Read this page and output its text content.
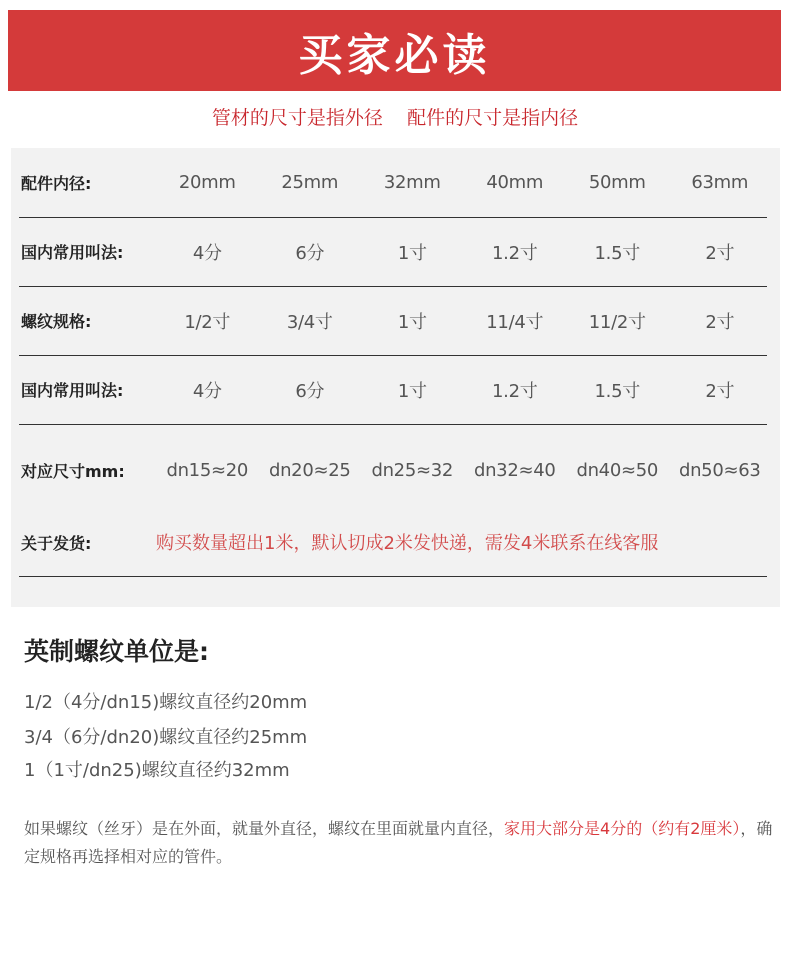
买家必读
管材的尺寸是指外径    配件的尺寸是指内径
配件内径:	20mm	25mm	32mm	40mm	50mm	63mm
国内常用叫法:	4分	6分	1寸	1.2寸	1.5寸	2寸
螺纹规格:	1/2寸	3/4寸	1寸	11/4寸	11/2寸	2寸
国内常用叫法:	4分	6分	1寸	1.2寸	1.5寸	2寸
对应尺寸mm:	dn15≈20	dn20≈25	dn25≈32	dn32≈40	dn40≈50	dn50≈63
关于发货:	购买数量超出1米，默认切成2米发快递，需发4米联系在线客服
英制螺纹单位是:
1/2（4分/dn15)螺纹直径约20mm
3/4（6分/dn20)螺纹直径约25mm
1（1寸/dn25)螺纹直径约32mm
如果螺纹（丝牙）是在外面，就量外直径，螺纹在里面就量内直径，家用大部分是4分的（约有2厘米），确定规格再选择相对应的管件。
